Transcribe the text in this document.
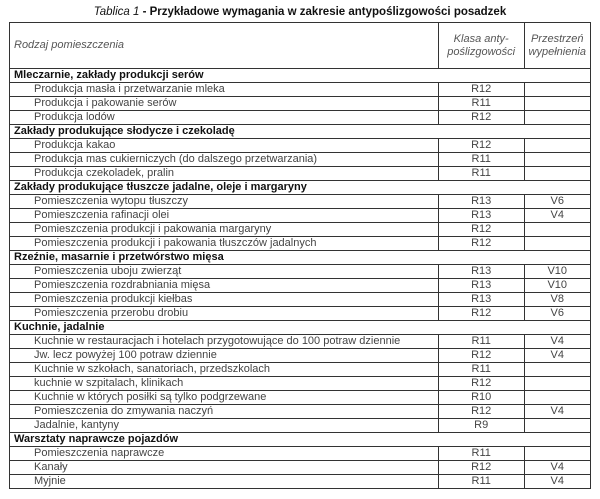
Tablica 1 - Przykładowe wymagania w zakresie antypoślizgowości posadzek
Rodzaj pomieszczenia	Klasa anty-poślizgowości	Przestrzeń wypełnienia
Mleczarnie, zakłady produkcji serów		
Produkcja masła i przetwarzanie mleka	R12	
Produkcja i pakowanie serów	R11	
Produkcja lodów	R12	
Zakłady produkujące słodycze i czekoladę		
Produkcja kakao	R12	
Produkcja mas cukierniczych (do dalszego przetwarzania)	R11	
Produkcja czekoladek, pralin	R11	
Zakłady produkujące tłuszcze jadalne, oleje i margaryny		
Pomieszczenia wytopu tłuszczy	R13	V6
Pomieszczenia rafinacji olei	R13	V4
Pomieszczenia produkcji i pakowania margaryny	R12	
Pomieszczenia produkcji i pakowania tłuszczów jadalnych	R12	
Rzeźnie, masarnie i przetwórstwo mięsa		
Pomieszczenia uboju zwierząt	R13	V10
Pomieszczenia rozdrabniania mięsa	R13	V10
Pomieszczenia produkcji kiełbas	R13	V8
Pomieszczenia przerobu drobiu	R12	V6
Kuchnie, jadalnie		
Kuchnie w restauracjach i hotelach przygotowujące do 100 potraw dziennie	R11	V4
Jw. lecz powyżej 100 potraw dziennie	R12	V4
Kuchnie w szkołach, sanatoriach, przedszkolach	R11	
kuchnie w szpitalach, klinikach	R12	
Kuchnie w których posiłki są tylko podgrzewane	R10	
Pomieszczenia do zmywania naczyń	R12	V4
Jadalnie, kantyny	R9	
Warsztaty naprawcze pojazdów		
Pomieszczenia naprawcze	R11	
Kanały	R12	V4
Myjnie	R11	V4
